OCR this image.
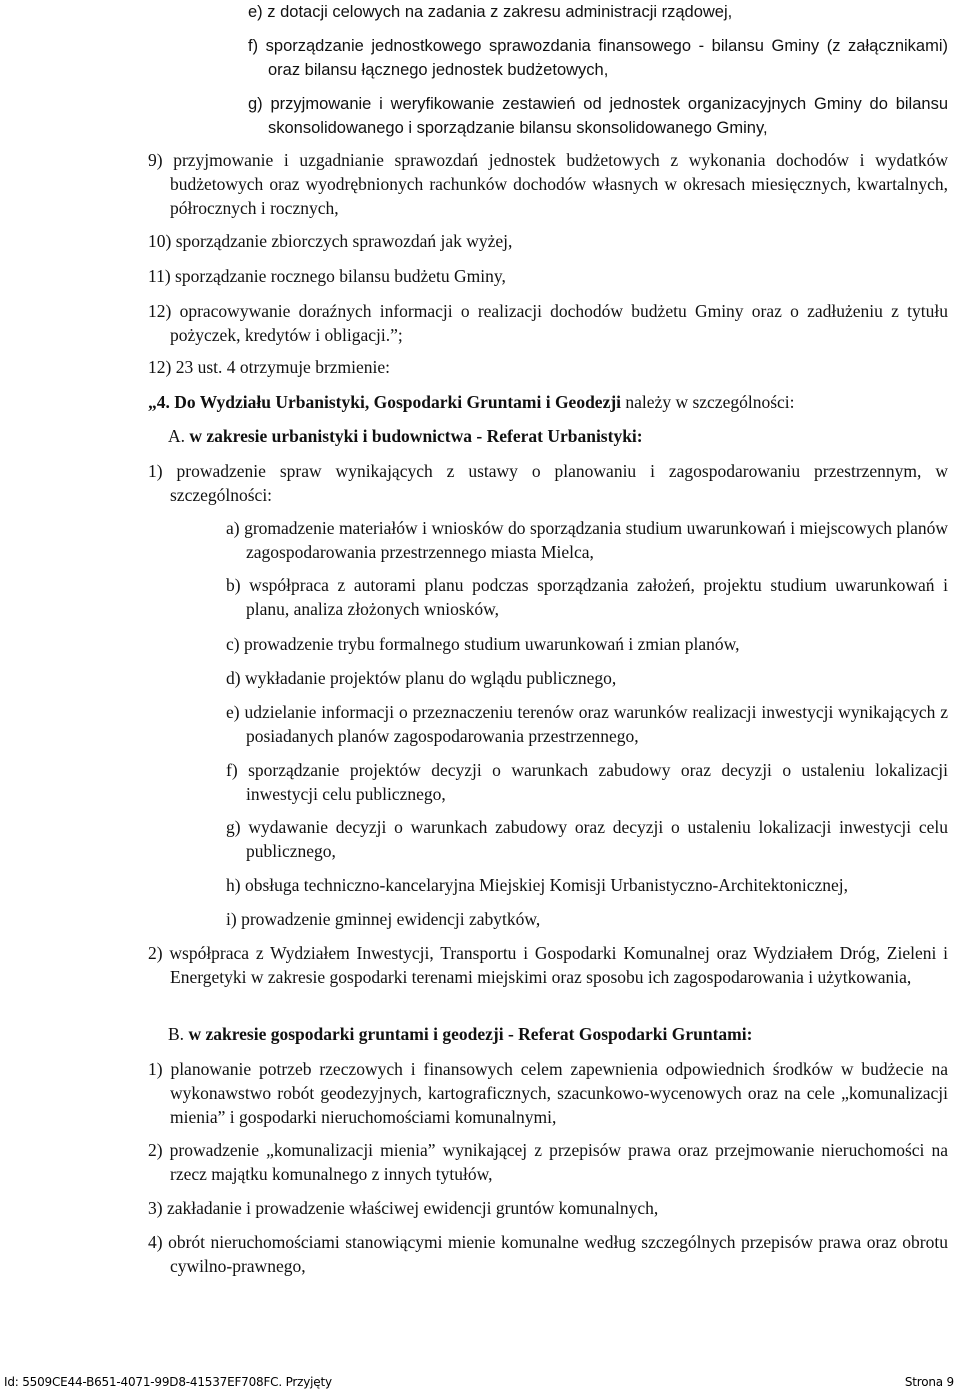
e) z dotacji celowych na zadania z zakresu administracji rządowej,
f) sporządzanie jednostkowego sprawozdania finansowego - bilansu Gminy (z załącznikami) oraz bilansu łącznego jednostek budżetowych,
g) przyjmowanie i weryfikowanie zestawień od jednostek organizacyjnych Gminy do bilansu skonsolidowanego i sporządzanie bilansu skonsolidowanego Gminy,
9) przyjmowanie i uzgadnianie sprawozdań jednostek budżetowych z wykonania dochodów i wydatków budżetowych oraz wyodrębnionych rachunków dochodów własnych w okresach miesięcznych, kwartalnych, półrocznych i rocznych,
10) sporządzanie zbiorczych sprawozdań jak wyżej,
11) sporządzanie rocznego bilansu budżetu Gminy,
12) opracowywanie doraźnych informacji o realizacji dochodów budżetu Gminy oraz o zadłużeniu z tytułu pożyczek, kredytów i obligacji.”;
12) 23 ust. 4 otrzymuje brzmienie:
„4. Do Wydziału Urbanistyki, Gospodarki Gruntami i Geodezji należy w szczególności:
A. w zakresie urbanistyki i budownictwa - Referat Urbanistyki:
1) prowadzenie spraw wynikających z ustawy o planowaniu i zagospodarowaniu przestrzennym, w szczególności:
a) gromadzenie materiałów i wniosków do sporządzania studium uwarunkowań i miejscowych planów zagospodarowania przestrzennego miasta Mielca,
b) współpraca z autorami planu podczas sporządzania założeń, projektu studium uwarunkowań i planu, analiza złożonych wniosków,
c) prowadzenie trybu formalnego studium uwarunkowań i zmian planów,
d) wykładanie projektów planu do wglądu publicznego,
e) udzielanie informacji o przeznaczeniu terenów oraz warunków realizacji inwestycji wynikających z posiadanych planów zagospodarowania przestrzennego,
f) sporządzanie projektów decyzji o warunkach zabudowy oraz decyzji o ustaleniu lokalizacji inwestycji celu publicznego,
g) wydawanie decyzji o warunkach zabudowy oraz decyzji o ustaleniu lokalizacji inwestycji celu publicznego,
h) obsługa techniczno-kancelaryjna Miejskiej Komisji Urbanistyczno-Architektonicznej,
i) prowadzenie gminnej ewidencji zabytków,
2) współpraca z Wydziałem Inwestycji, Transportu i Gospodarki Komunalnej oraz Wydziałem Dróg, Zieleni i Energetyki w zakresie gospodarki terenami miejskimi oraz sposobu ich zagospodarowania i użytkowania,
B. w zakresie gospodarki gruntami i geodezji - Referat Gospodarki Gruntami:
1) planowanie potrzeb rzeczowych i finansowych celem zapewnienia odpowiednich środków w budżecie na wykonawstwo robót geodezyjnych, kartograficznych, szacunkowo-wycenowych oraz na cele „komunalizacji mienia” i gospodarki nieruchomościami komunalnymi,
2) prowadzenie „komunalizacji mienia” wynikającej z przepisów prawa oraz przejmowanie nieruchomości na rzecz majątku komunalnego z innych tytułów,
3) zakładanie i prowadzenie właściwej ewidencji gruntów komunalnych,
4) obrót nieruchomościami stanowiącymi mienie komunalne według szczególnych przepisów prawa oraz obrotu cywilno-prawnego,
Id: 5509CE44-B651-4071-99D8-41537EF708FC. Przyjęty	Strona 9
